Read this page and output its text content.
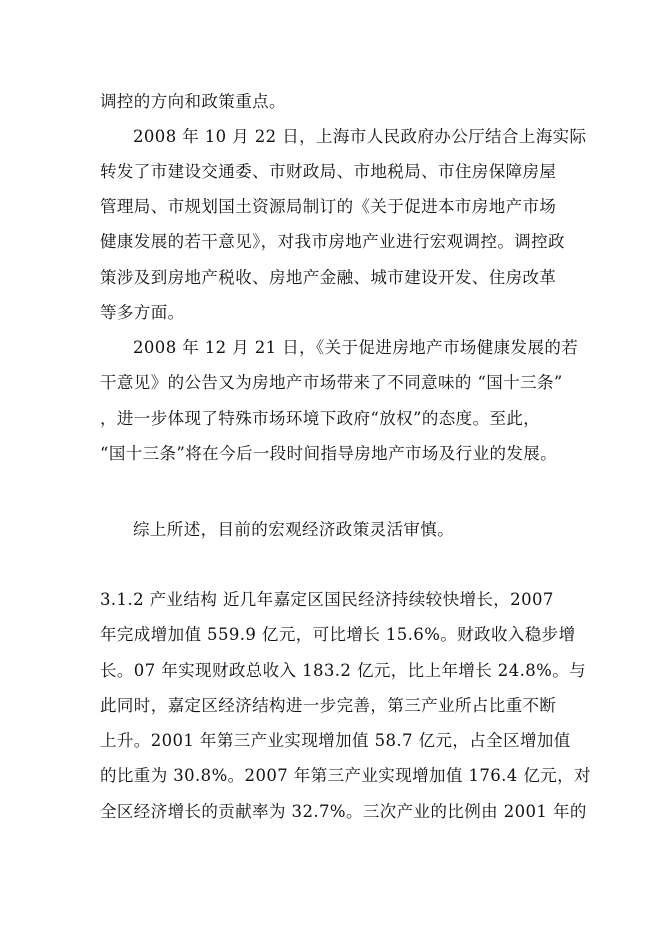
调控的方向和政策重点。
2008 年 10 月 22 日，上海市人民政府办公厅结合上海实际
转发了市建设交通委、市财政局、市地税局、市住房保障房屋
管理局、市规划国土资源局制订的《关于促进本市房地产市场
健康发展的若干意见》，对我市房地产业进行宏观调控。调控政
策涉及到房地产税收、房地产金融、城市建设开发、住房改革
等多方面。
2008 年 12 月 21 日，《关于促进房地产市场健康发展的若
干意见》的公告又为房地产市场带来了不同意味的 “国十三条”
，进一步体现了特殊市场环境下政府“放权”的态度。至此，
“国十三条”将在今后一段时间指导房地产市场及行业的发展。
综上所述，目前的宏观经济政策灵活审慎。
3.1.2 产业结构 近几年嘉定区国民经济持续较快增长，2007
年完成增加值 559.9 亿元，可比增长 15.6%。财政收入稳步增
长。07 年实现财政总收入 183.2 亿元，比上年增长 24.8%。与
此同时，嘉定区经济结构进一步完善，第三产业所占比重不断
上升。2001 年第三产业实现增加值 58.7 亿元，占全区增加值
的比重为 30.8%。2007 年第三产业实现增加值 176.4 亿元，对
全区经济增长的贡献率为 32.7%。三次产业的比例由 2001 年的
